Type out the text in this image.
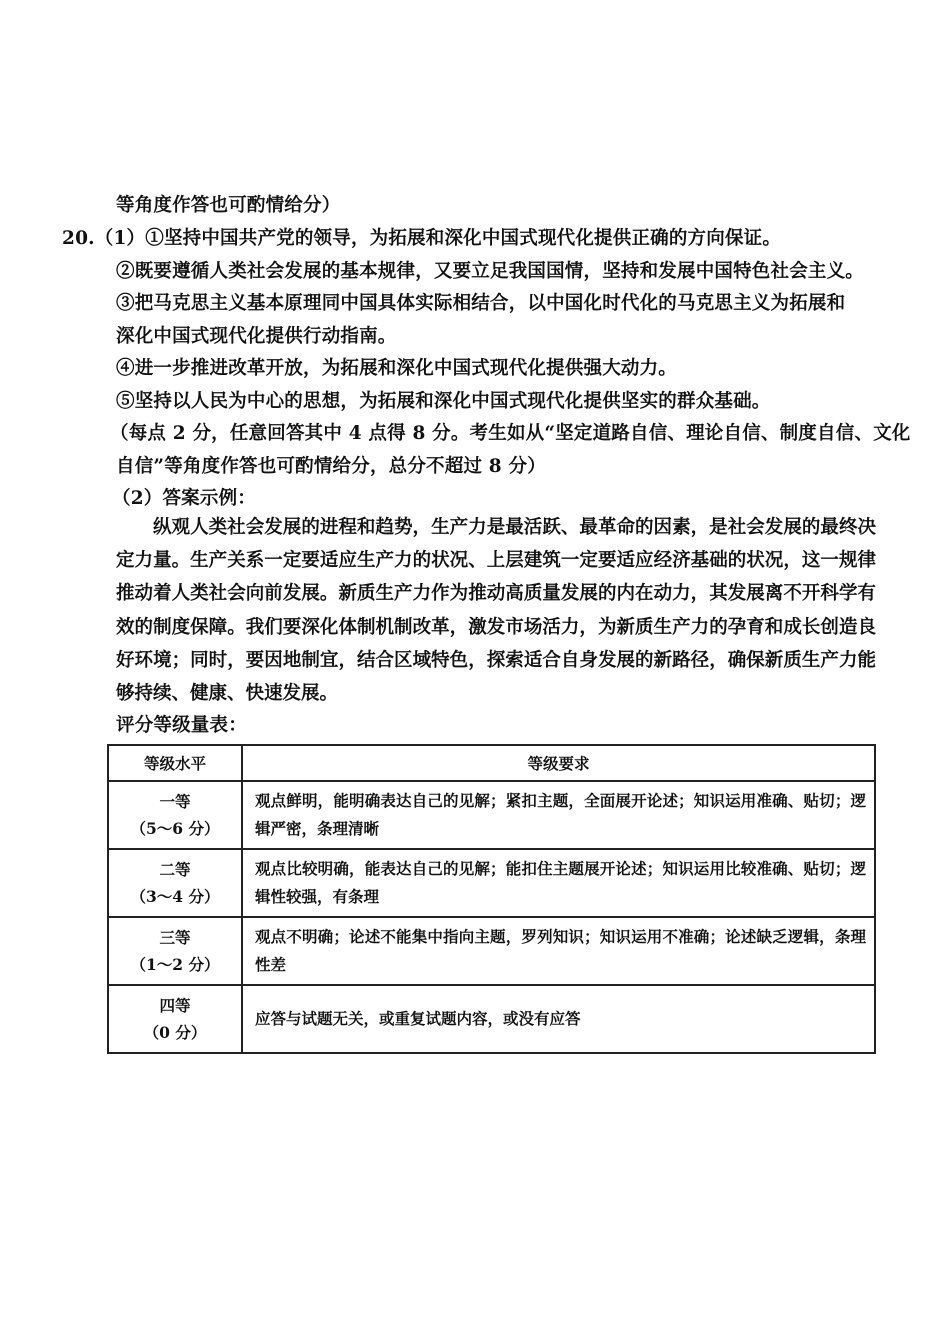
等角度作答也可酌情给分）
20.（1）①坚持中国共产党的领导，为拓展和深化中国式现代化提供正确的方向保证。
②既要遵循人类社会发展的基本规律，又要立足我国国情，坚持和发展中国特色社会主义。
③把马克思主义基本原理同中国具体实际相结合，以中国化时代化的马克思主义为拓展和
深化中国式现代化提供行动指南。
④进一步推进改革开放，为拓展和深化中国式现代化提供强大动力。
⑤坚持以人民为中心的思想，为拓展和深化中国式现代化提供坚实的群众基础。
（每点 2 分，任意回答其中 4 点得 8 分。考生如从“坚定道路自信、理论自信、制度自信、文化
自信”等角度作答也可酌情给分，总分不超过 8 分）
（2）答案示例：
纵观人类社会发展的进程和趋势，生产力是最活跃、最革命的因素，是社会发展的最终决定力量。生产关系一定要适应生产力的状况、上层建筑一定要适应经济基础的状况，这一规律推动着人类社会向前发展。新质生产力作为推动高质量发展的内在动力，其发展离不开科学有效的制度保障。我们要深化体制机制改革，激发市场活力，为新质生产力的孕育和成长创造良好环境；同时，要因地制宜，结合区域特色，探索适合自身发展的新路径，确保新质生产力能够持续、健康、快速发展。
评分等级量表：
等级水平	等级要求

一等
（5～6 分）	观点鲜明，能明确表达自己的见解；紧扣主题，全面展开论述；知识运用准确、贴切；逻辑严密，条理清晰

二等
（3～4 分）	观点比较明确，能表达自己的见解；能扣住主题展开论述；知识运用比较准确、贴切；逻辑性较强，有条理

三等
（1～2 分）	观点不明确；论述不能集中指向主题，罗列知识；知识运用不准确；论述缺乏逻辑，条理性差

四等
（0 分）	应答与试题无关，或重复试题内容，或没有应答
